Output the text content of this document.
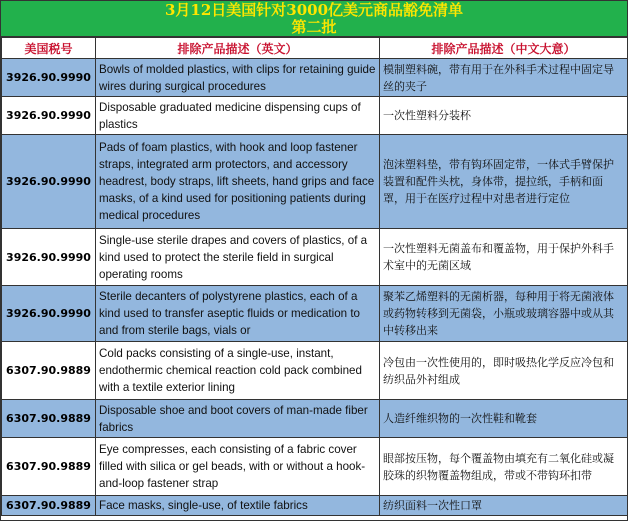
3月12日美国针对3000亿美元商品豁免清单
第二批
美国税号	排除产品描述（英文）	排除产品描述（中文大意）
3926.90.9990	Bowls of molded plastics, with clips for retaining guide wires during surgical procedures	模制塑料碗，带有用于在外科手术过程中固定导丝的夹子
3926.90.9990	Disposable graduated medicine dispensing cups of plastics	一次性塑料分装杯
3926.90.9990	Pads of foam plastics, with hook and loop fastener straps, integrated arm protectors, and accessory headrest, body straps, lift sheets, hand grips and face masks, of a kind used for positioning patients during medical procedures	泡沫塑料垫，带有钩环固定带，一体式手臂保护装置和配件头枕，身体带，提拉纸，手柄和面罩，用于在医疗过程中对患者进行定位
3926.90.9990	Single-use sterile drapes and covers of plastics, of a kind used to protect the sterile field in surgical operating rooms	一次性塑料无菌盖布和覆盖物，用于保护外科手术室中的无菌区域
3926.90.9990	Sterile decanters of polystyrene plastics, each of a kind used to transfer aseptic fluids or medication to and from sterile bags, vials or	聚苯乙烯塑料的无菌析器，每种用于将无菌液体或药物转移到无菌袋，小瓶或玻璃容器中或从其中转移出来
6307.90.9889	Cold packs consisting of a single-use, instant, endothermic chemical reaction cold pack combined with a textile exterior lining	冷包由一次性使用的，即时吸热化学反应冷包和纺织品外衬组成
6307.90.9889	Disposable shoe and boot covers of man-made fiber fabrics	人造纤维织物的一次性鞋和靴套
6307.90.9889	Eye compresses, each consisting of a fabric cover filled with silica or gel beads, with or without a hook-and-loop fastener strap	眼部按压物，每个覆盖物由填充有二氧化硅或凝胶珠的织物覆盖物组成，带或不带钩环扣带
6307.90.9889	Face masks, single-use, of textile fabrics	纺织面料一次性口罩
